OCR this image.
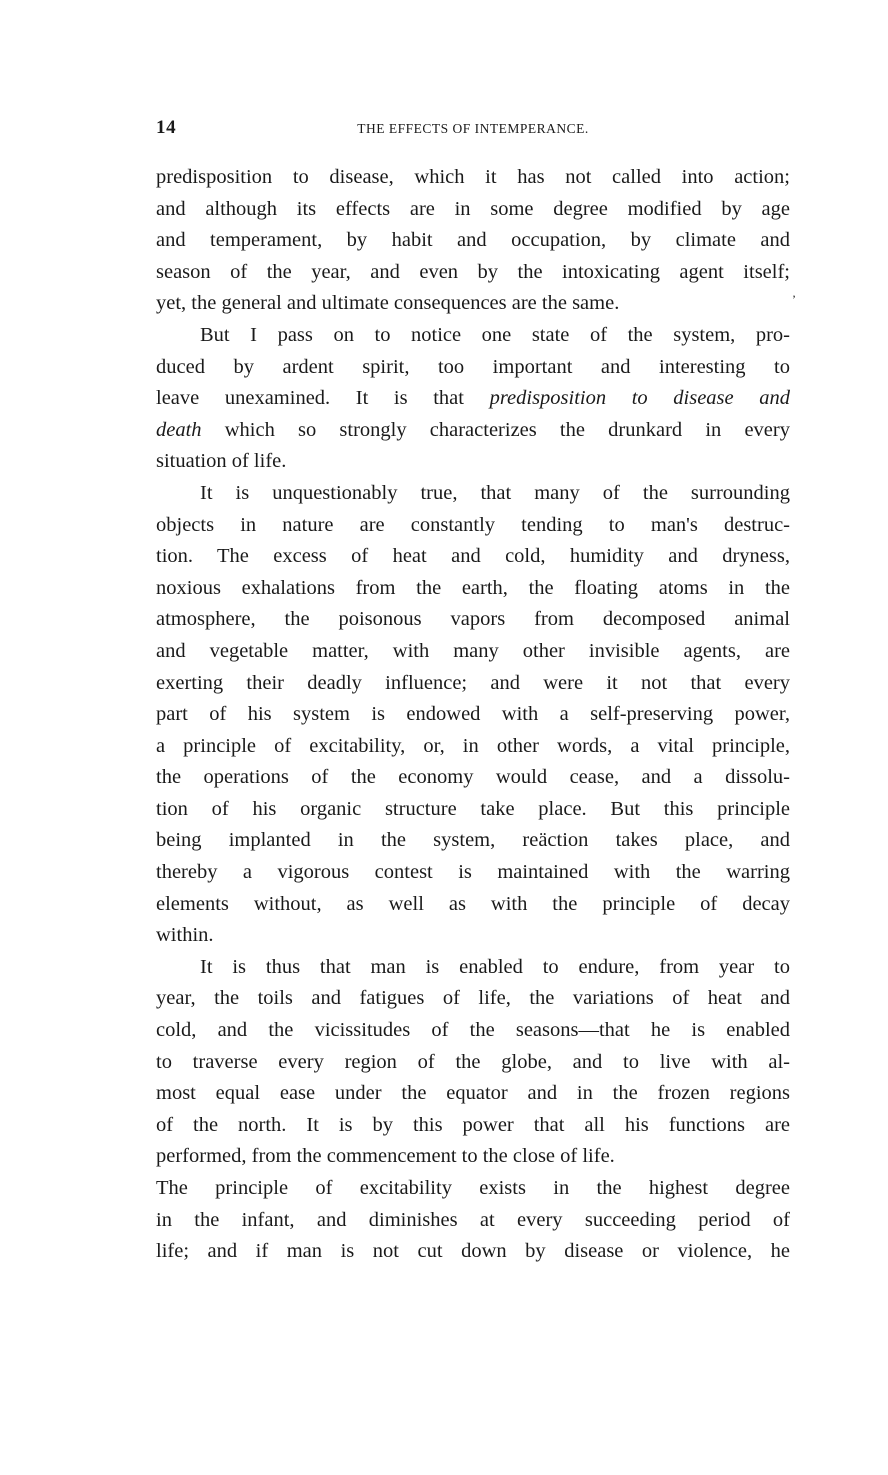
14	THE EFFECTS OF INTEMPERANCE.
predisposition to disease, which it has not called into action;
and although its effects are in some degree modified by age
and temperament, by habit and occupation, by climate and
season of the year, and even by the intoxicating agent itself;
yet, the general and ultimate consequences are the same.
But I pass on to notice one state of the system, pro-
duced by ardent spirit, too important and interesting to
leave unexamined. It is that predisposition to disease and
death which so strongly characterizes the drunkard in every
situation of life.
It is unquestionably true, that many of the surrounding
objects in nature are constantly tending to man's destruc-
tion. The excess of heat and cold, humidity and dryness,
noxious exhalations from the earth, the floating atoms in the
atmosphere, the poisonous vapors from decomposed animal
and vegetable matter, with many other invisible agents, are
exerting their deadly influence; and were it not that every
part of his system is endowed with a self-preserving power,
a principle of excitability, or, in other words, a vital principle,
the operations of the economy would cease, and a dissolu-
tion of his organic structure take place. But this principle
being implanted in the system, reäction takes place, and
thereby a vigorous contest is maintained with the warring
elements without, as well as with the principle of decay
within.
It is thus that man is enabled to endure, from year to
year, the toils and fatigues of life, the variations of heat and
cold, and the vicissitudes of the seasons—that he is enabled
to traverse every region of the globe, and to live with al-
most equal ease under the equator and in the frozen regions
of the north. It is by this power that all his functions are
performed, from the commencement to the close of life.
The principle of excitability exists in the highest degree
in the infant, and diminishes at every succeeding period of
life; and if man is not cut down by disease or violence, he
’
